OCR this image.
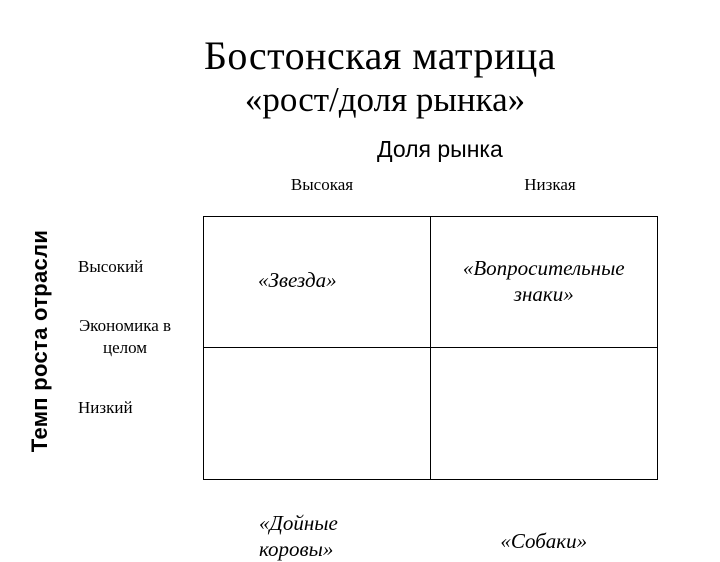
Бостонская матрица
«рост/доля рынка»
Доля рынка
Высокая	Низкая
Темп роста отрасли Высокий
Экономика в
целом
Низкий
«Звезда»	«Вопросительные
знаки»
«Дойные
коровы»	«Собаки»
